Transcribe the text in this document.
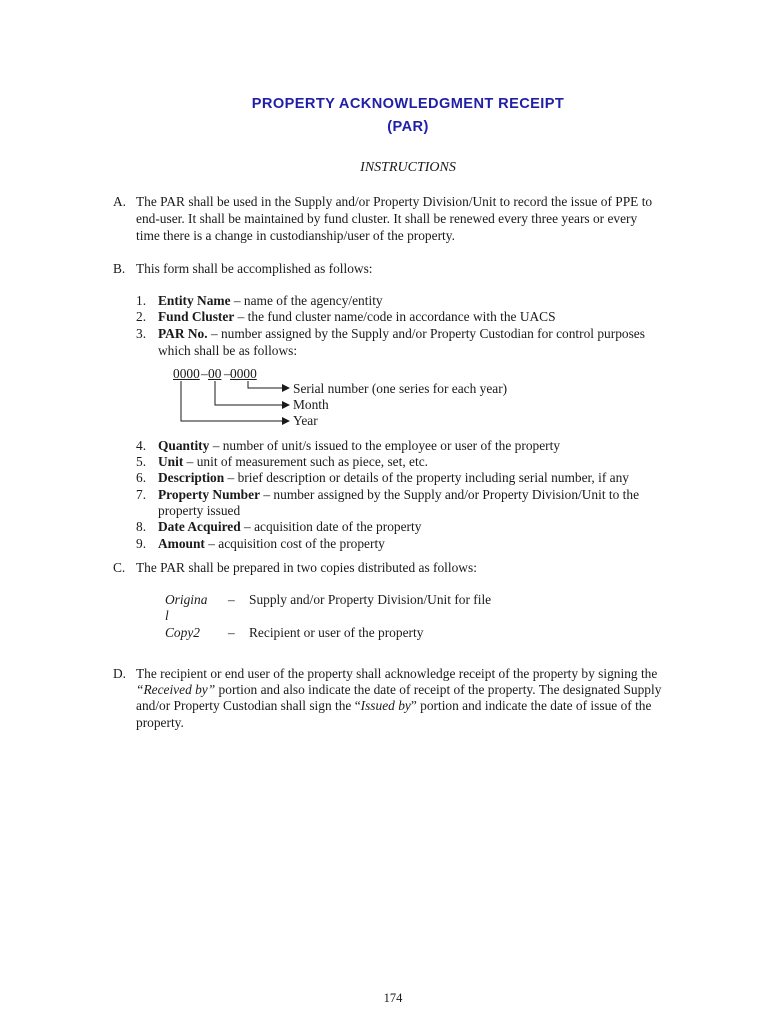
PROPERTY ACKNOWLEDGMENT RECEIPT
(PAR)
INSTRUCTIONS
A. The PAR shall be used in the Supply and/or Property Division/Unit to record the issue of PPE to
end-user. It shall be maintained by fund cluster. It shall be renewed every three years or every
time there is a change in custodianship/user of the property.
B. This form shall be accomplished as follows:
1. Entity Name – name of the agency/entity
2. Fund Cluster – the fund cluster name/code in accordance with the UACS
3. PAR No. – number assigned by the Supply and/or Property Custodian for control purposes
which shall be as follows:
0000 – 00 – 0000
Serial number (one series for each year)
Month
Year
4. Quantity – number of unit/s issued to the employee or user of the property
5. Unit – unit of measurement such as piece, set, etc.
6. Description – brief description or details of the property including serial number, if any
7. Property Number – number assigned by the Supply and/or Property Division/Unit to the
property issued
8. Date Acquired – acquisition date of the property
9. Amount – acquisition cost of the property
C. The PAR shall be prepared in two copies distributed as follows:
Origina
l
– Supply and/or Property Division/Unit for file
Copy2 – Recipient or user of the property
D. The recipient or end user of the property shall acknowledge receipt of the property by signing the
“Received by” portion and also indicate the date of receipt of the property. The designated Supply
and/or Property Custodian shall sign the “Issued by” portion and indicate the date of issue of the
property.
174
